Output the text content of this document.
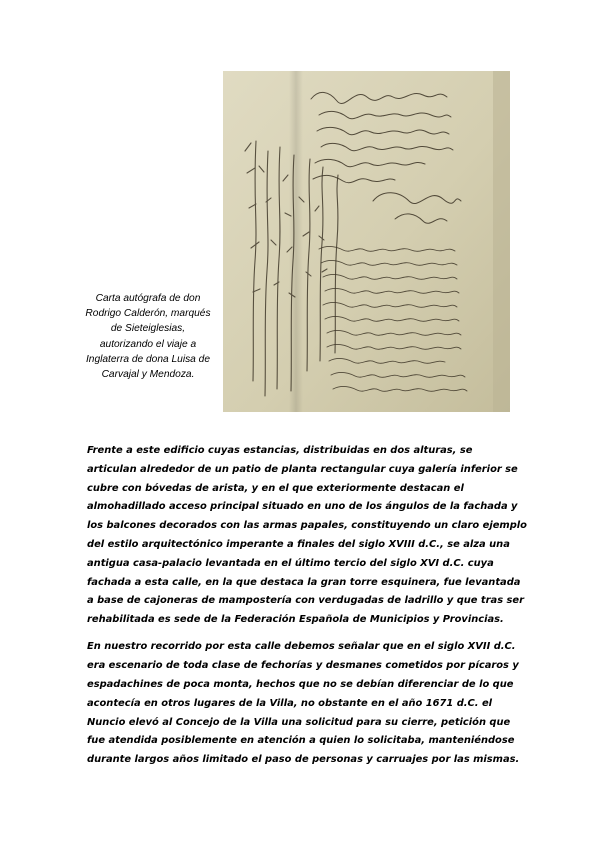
Carta autógrafa de don
Rodrigo Calderón, marqués
de Sieteiglesias,
autorizando el viaje a
Inglaterra de dona Luisa de
Carvajal y Mendoza.

Frente a este edificio cuyas estancias, distribuidas en dos alturas, se
articulan alrededor de un patio de planta rectangular cuya galería inferior se
cubre con bóvedas de arista, y en el que exteriormente destacan el
almohadillado acceso principal situado en uno de los ángulos de la fachada y
los balcones decorados con las armas papales, constituyendo un claro ejemplo
del estilo arquitectónico imperante a finales del siglo XVIII d.C., se alza una
antigua casa-palacio levantada en el último tercio del siglo XVI d.C. cuya
fachada a esta calle, en la que destaca la gran torre esquinera, fue levantada
a base de cajoneras de mampostería con verdugadas de ladrillo y que tras ser
rehabilitada es sede de la Federación Española de Municipios y Provincias.

En nuestro recorrido por esta calle debemos señalar que en el siglo XVII d.C.
era escenario de toda clase de fechorías y desmanes cometidos por pícaros y
espadachines de poca monta, hechos que no se debían diferenciar de lo que
acontecía en otros lugares de la Villa, no obstante en el año 1671 d.C. el
Nuncio elevó al Concejo de la Villa una solicitud para su cierre, petición que
fue atendida posiblemente en atención a quien lo solicitaba, manteniéndose
durante largos años limitado el paso de personas y carruajes por las mismas.
